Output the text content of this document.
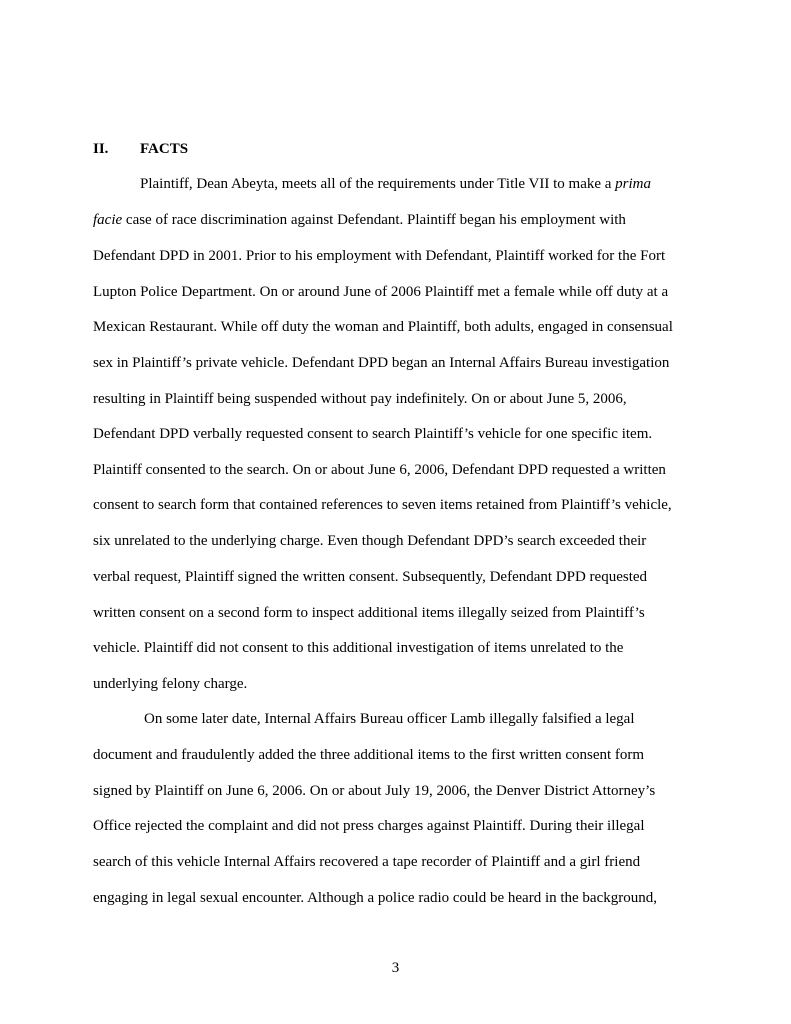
II. FACTS
Plaintiff, Dean Abeyta, meets all of the requirements under Title VII to make a prima
facie case of race discrimination against Defendant. Plaintiff began his employment with
Defendant DPD in 2001. Prior to his employment with Defendant, Plaintiff worked for the Fort
Lupton Police Department. On or around June of 2006 Plaintiff met a female while off duty at a
Mexican Restaurant. While off duty the woman and Plaintiff, both adults, engaged in consensual
sex in Plaintiff’s private vehicle. Defendant DPD began an Internal Affairs Bureau investigation
resulting in Plaintiff being suspended without pay indefinitely. On or about June 5, 2006,
Defendant DPD verbally requested consent to search Plaintiff’s vehicle for one specific item.
Plaintiff consented to the search. On or about June 6, 2006, Defendant DPD requested a written
consent to search form that contained references to seven items retained from Plaintiff’s vehicle,
six unrelated to the underlying charge. Even though Defendant DPD’s search exceeded their
verbal request, Plaintiff signed the written consent. Subsequently, Defendant DPD requested
written consent on a second form to inspect additional items illegally seized from Plaintiff’s
vehicle. Plaintiff did not consent to this additional investigation of items unrelated to the
underlying felony charge.
On some later date, Internal Affairs Bureau officer Lamb illegally falsified a legal
document and fraudulently added the three additional items to the first written consent form
signed by Plaintiff on June 6, 2006. On or about July 19, 2006, the Denver District Attorney’s
Office rejected the complaint and did not press charges against Plaintiff. During their illegal
search of this vehicle Internal Affairs recovered a tape recorder of Plaintiff and a girl friend
engaging in legal sexual encounter. Although a police radio could be heard in the background,
3
